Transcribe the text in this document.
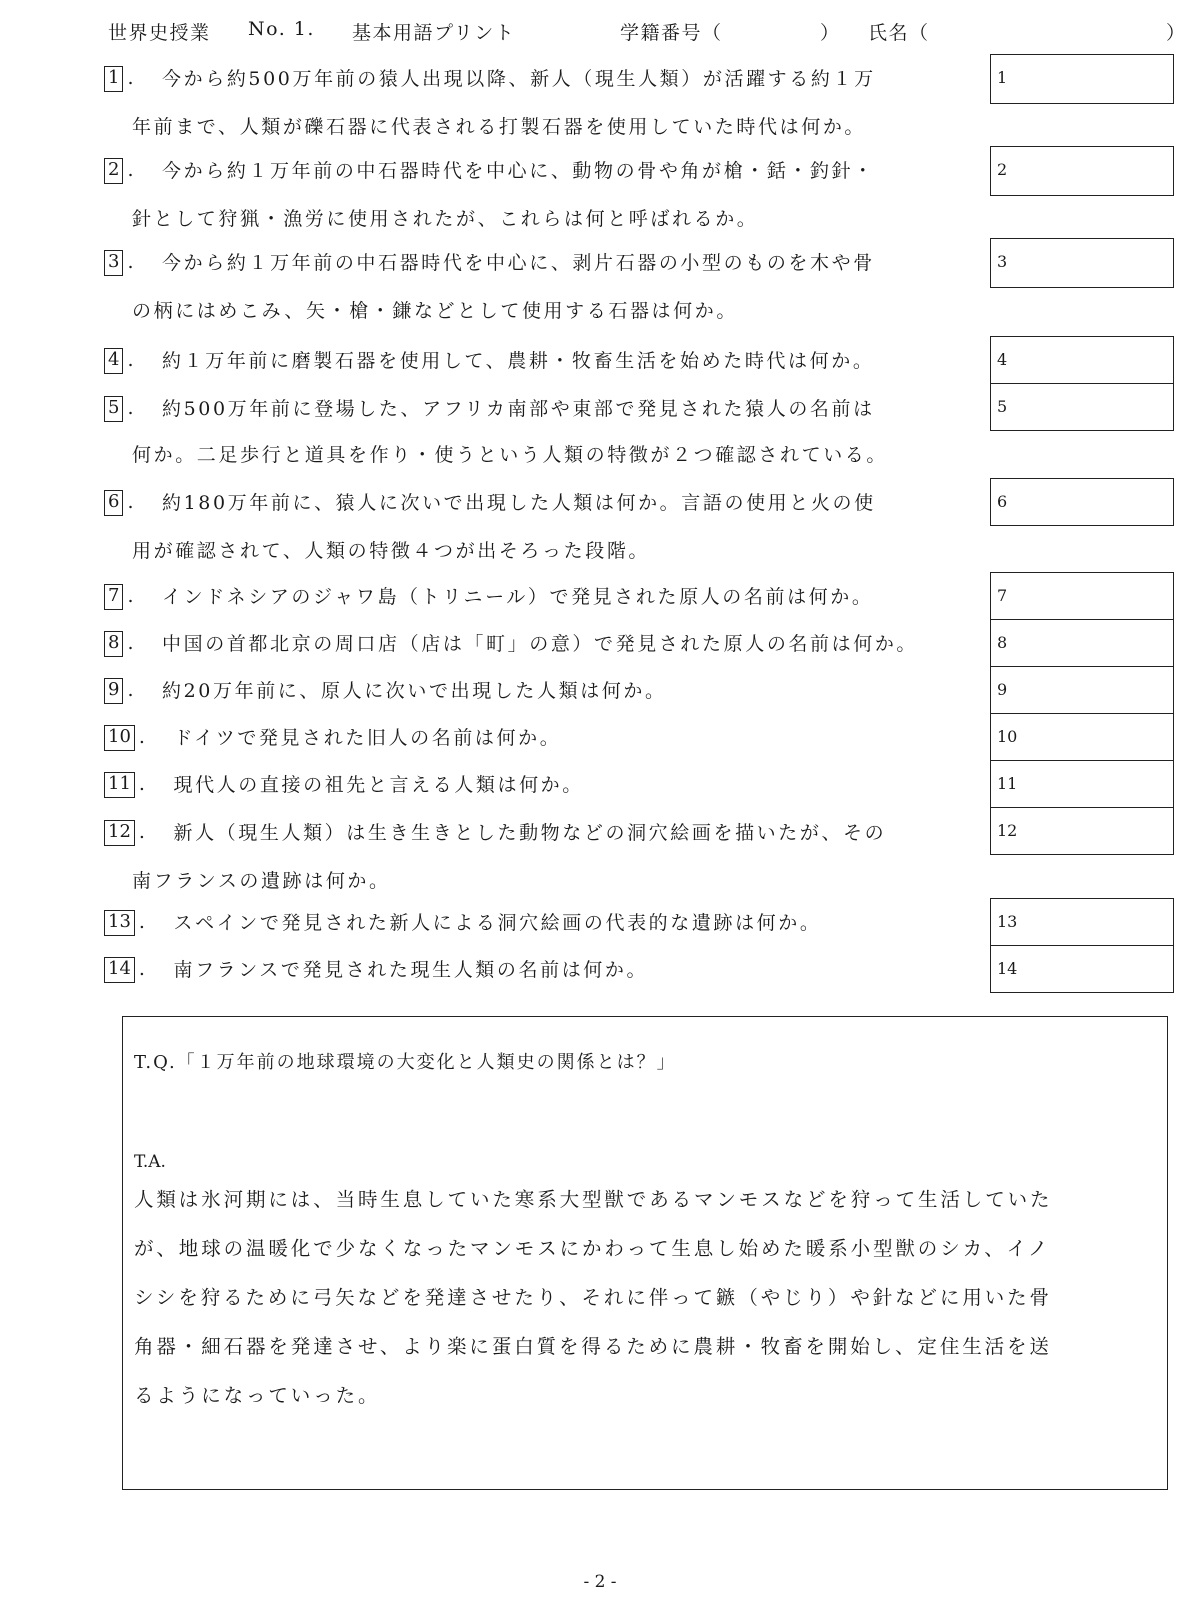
世界史授業 No. 1. 基本用語プリント	学籍番号（	） 氏名（	）
1 .   今から約500万年前の猿人出現以降、新人（現生人類）が活躍する約１万
年前まで、人類が礫石器に代表される打製石器を使用していた時代は何か。
1
2 .   今から約１万年前の中石器時代を中心に、動物の骨や角が槍・銛・釣針・
針として狩猟・漁労に使用されたが、これらは何と呼ばれるか。
2
3 .   今から約１万年前の中石器時代を中心に、剥片石器の小型のものを木や骨
の柄にはめこみ、矢・槍・鎌などとして使用する石器は何か。
3
4 .   約１万年前に磨製石器を使用して、農耕・牧畜生活を始めた時代は何か。	4
5 .   約500万年前に登場した、アフリカ南部や東部で発見された猿人の名前は
何か。二足歩行と道具を作り・使うという人類の特徴が２つ確認されている。
5
6 .   約180万年前に、猿人に次いで出現した人類は何か。言語の使用と火の使
用が確認されて、人類の特徴４つが出そろった段階。
6
7 .   インドネシアのジャワ島（トリニール）で発見された原人の名前は何か。	7
8 .   中国の首都北京の周口店（店は「町」の意）で発見された原人の名前は何か。	8
9 .   約20万年前に、原人に次いで出現した人類は何か。	9
10 .   ドイツで発見された旧人の名前は何か。	10
11 .   現代人の直接の祖先と言える人類は何か。	11
12 .   新人（現生人類）は生き生きとした動物などの洞穴絵画を描いたが、その
南フランスの遺跡は何か。
12
13 .   スペインで発見された新人による洞穴絵画の代表的な遺跡は何か。	13
14 .   南フランスで発見された現生人類の名前は何か。	14
T.Q.「１万年前の地球環境の大変化と人類史の関係とは？」
T.A.
人類は氷河期には、当時生息していた寒系大型獣であるマンモスなどを狩って生活していた
が、地球の温暖化で少なくなったマンモスにかわって生息し始めた暖系小型獣のシカ、イノ
シシを狩るために弓矢などを発達させたり、それに伴って鏃（やじり）や針などに用いた骨
角器・細石器を発達させ、より楽に蛋白質を得るために農耕・牧畜を開始し、定住生活を送
るようになっていった。
- 2 -
